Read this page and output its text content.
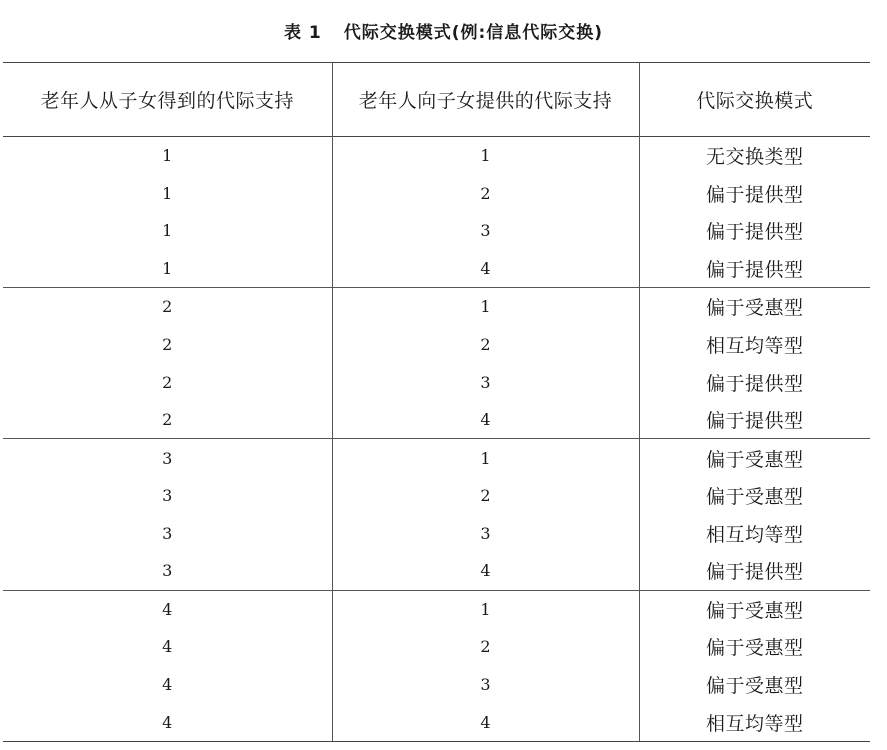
表 1 代际交换模式(例:信息代际交换)
老年人从子女得到的代际支持	老年人向子女提供的代际支持	代际交换模式
1	1	无交换类型
1	2	偏于提供型
1	3	偏于提供型
1	4	偏于提供型
2	1	偏于受惠型
2	2	相互均等型
2	3	偏于提供型
2	4	偏于提供型
3	1	偏于受惠型
3	2	偏于受惠型
3	3	相互均等型
3	4	偏于提供型
4	1	偏于受惠型
4	2	偏于受惠型
4	3	偏于受惠型
4	4	相互均等型
